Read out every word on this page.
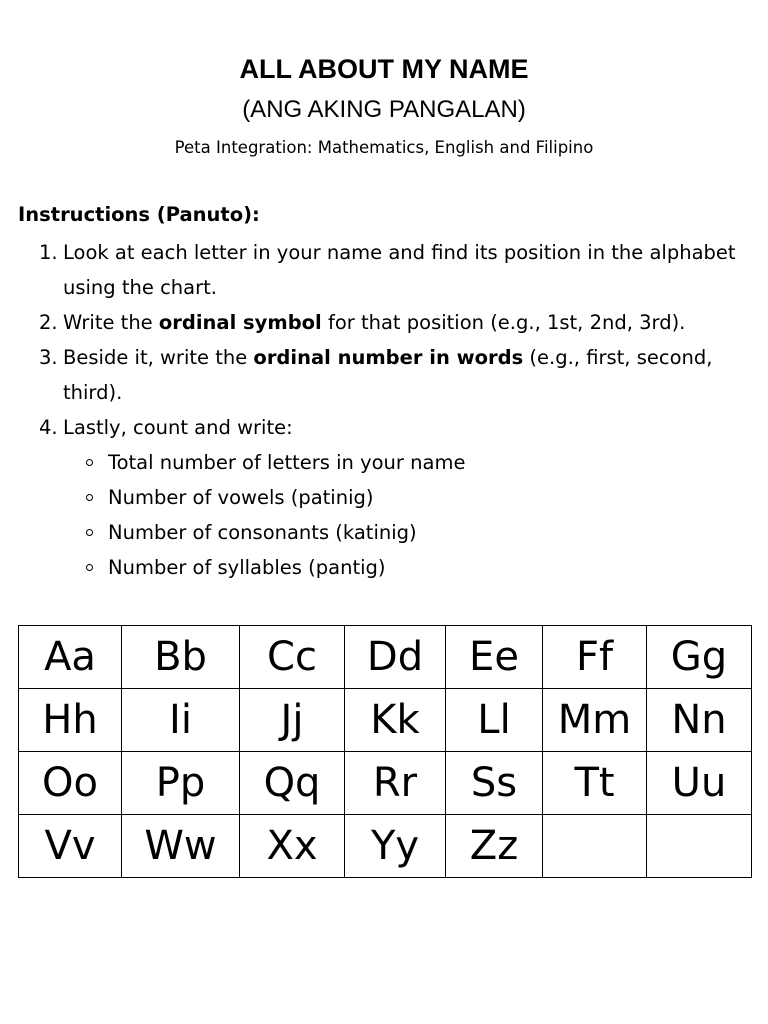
ALL ABOUT MY NAME
(ANG AKING PANGALAN)
Peta Integration: Mathematics, English and Filipino
Instructions (Panuto):
1. Look at each letter in your name and find its position in the alphabet using the chart.
2. Write the ordinal symbol for that position (e.g., 1st, 2nd, 3rd).
3. Beside it, write the ordinal number in words (e.g., first, second, third).
4. Lastly, count and write:
Total number of letters in your name
Number of vowels (patinig)
Number of consonants (katinig)
Number of syllables (pantig)
Aa	Bb	Cc	Dd	Ee	Ff	Gg
Hh	Ii	Jj	Kk	Ll	Mm	Nn
Oo	Pp	Qq	Rr	Ss	Tt	Uu
Vv	Ww	Xx	Yy	Zz		
